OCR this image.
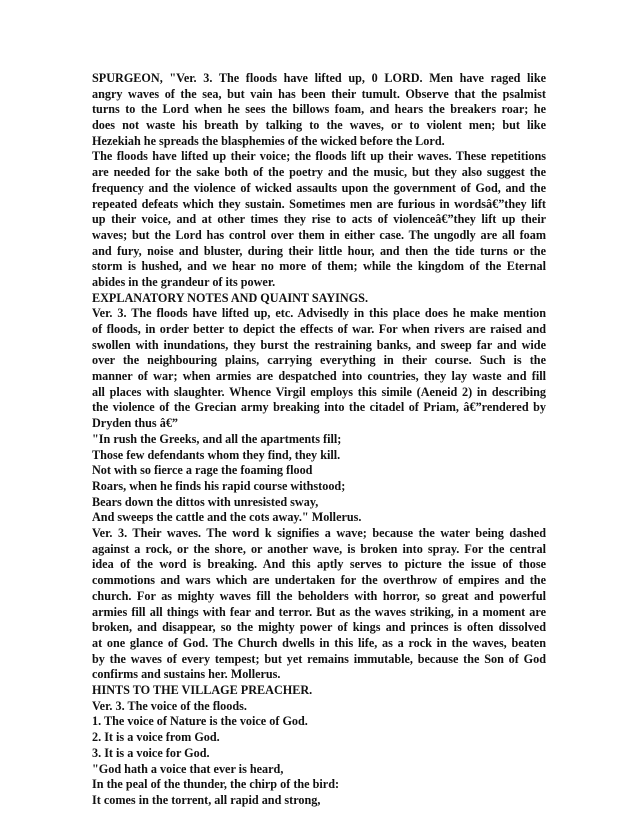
SPURGEON, "Ver. 3. The floods have lifted up, 0 LORD. Men have raged like
angry waves of the sea, but vain has been their tumult. Observe that the psalmist
turns to the Lord when he sees the billows foam, and hears the breakers roar; he
does not waste his breath by talking to the waves, or to violent men; but like
Hezekiah he spreads the blasphemies of the wicked before the Lord.
The floods have lifted up their voice; the floods lift up their waves. These repetitions
are needed for the sake both of the poetry and the music, but they also suggest the
frequency and the violence of wicked assaults upon the government of God, and the
repeated defeats which they sustain. Sometimes men are furious in wordsâ€”they lift
up their voice, and at other times they rise to acts of violenceâ€”they lift up their
waves; but the Lord has control over them in either case. The ungodly are all foam
and fury, noise and bluster, during their little hour, and then the tide turns or the
storm is hushed, and we hear no more of them; while the kingdom of the Eternal
abides in the grandeur of its power.
EXPLANATORY NOTES AND QUAINT SAYINGS.
Ver. 3. The floods have lifted up, etc. Advisedly in this place does he make mention
of floods, in order better to depict the effects of war. For when rivers are raised and
swollen with inundations, they burst the restraining banks, and sweep far and wide
over the neighbouring plains, carrying everything in their course. Such is the
manner of war; when armies are despatched into countries, they lay waste and fill
all places with slaughter. Whence Virgil employs this simile (Aeneid 2) in describing
the violence of the Grecian army breaking into the citadel of Priam, â€”rendered by
Dryden thus â€”
"In rush the Greeks, and all the apartments fill;
Those few defendants whom they find, they kill.
Not with so fierce a rage the foaming flood
Roars, when he finds his rapid course withstood;
Bears down the dittos with unresisted sway,
And sweeps the cattle and the cots away." Mollerus.
Ver. 3. Their waves. The word k signifies a wave; because the water being dashed
against a rock, or the shore, or another wave, is broken into spray. For the central
idea of the word is breaking. And this aptly serves to picture the issue of those
commotions and wars which are undertaken for the overthrow of empires and the
church. For as mighty waves fill the beholders with horror, so great and powerful
armies fill all things with fear and terror. But as the waves striking, in a moment are
broken, and disappear, so the mighty power of kings and princes is often dissolved
at one glance of God. The Church dwells in this life, as a rock in the waves, beaten
by the waves of every tempest; but yet remains immutable, because the Son of God
confirms and sustains her. Mollerus.
HINTS TO THE VILLAGE PREACHER.
Ver. 3. The voice of the floods.
1. The voice of Nature is the voice of God.
2. It is a voice from God.
3. It is a voice for God.
"God hath a voice that ever is heard,
In the peal of the thunder, the chirp of the bird:
It comes in the torrent, all rapid and strong,
